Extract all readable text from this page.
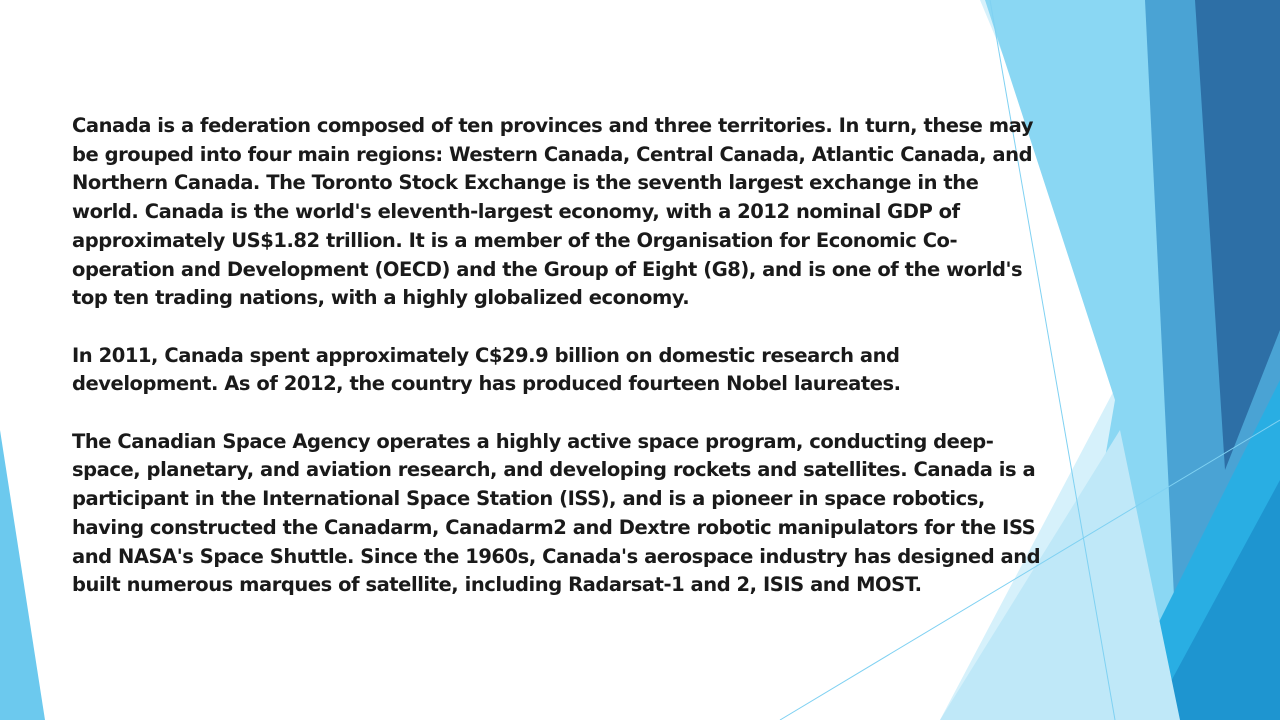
Canada is a federation composed of ten provinces and three territories. In turn, these may be grouped into four main regions: Western Canada, Central Canada, Atlantic Canada, and Northern Canada. The Toronto Stock Exchange is the seventh largest exchange in the world. Canada is the world's eleventh-largest economy, with a 2012 nominal GDP of approximately US$1.82 trillion. It is a member of the Organisation for Economic Co-operation and Development (OECD) and the Group of Eight (G8), and is one of the world's top ten trading nations, with a highly globalized economy.

In 2011, Canada spent approximately C$29.9 billion on domestic research and development. As of 2012, the country has produced fourteen Nobel laureates.

The Canadian Space Agency operates a highly active space program, conducting deep-space, planetary, and aviation research, and developing rockets and satellites. Canada is a participant in the International Space Station (ISS), and is a pioneer in space robotics, having constructed the Canadarm, Canadarm2 and Dextre robotic manipulators for the ISS and NASA's Space Shuttle. Since the 1960s, Canada's aerospace industry has designed and built numerous marques of satellite, including Radarsat-1 and 2, ISIS and MOST.
